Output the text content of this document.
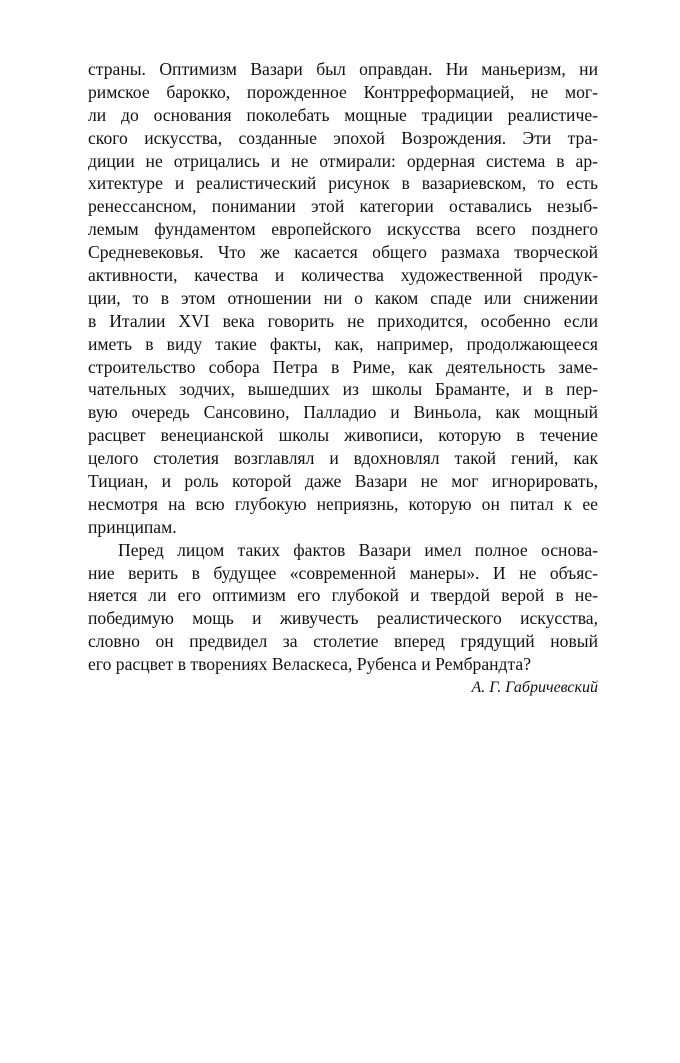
страны. Оптимизм Вазари был оправдан. Ни маньеризм, ни
римское барокко, порожденное Контрреформацией, не мог-
ли до основания поколебать мощные традиции реалистиче-
ского искусства, созданные эпохой Возрождения. Эти тра-
диции не отрицались и не отмирали: ордерная система в ар-
хитектуре и реалистический рисунок в вазариевском, то есть
ренессансном, понимании этой категории оставались незыб-
лемым фундаментом европейского искусства всего позднего
Средневековья. Что же касается общего размаха творческой
активности, качества и количества художественной продук-
ции, то в этом отношении ни о каком спаде или снижении
в Италии XVI века говорить не приходится, особенно если
иметь в виду такие факты, как, например, продолжающееся
строительство собора Петра в Риме, как деятельность заме-
чательных зодчих, вышедших из школы Браманте, и в пер-
вую очередь Сансовино, Палладио и Виньола, как мощный
расцвет венецианской школы живописи, которую в течение
целого столетия возглавлял и вдохновлял такой гений, как
Тициан, и роль которой даже Вазари не мог игнорировать,
несмотря на всю глубокую неприязнь, которую он питал к ее
принципам.
Перед лицом таких фактов Вазари имел полное основа-
ние верить в будущее «современной манеры». И не объяс-
няется ли его оптимизм его глубокой и твердой верой в не-
победимую мощь и живучесть реалистического искусства,
словно он предвидел за столетие вперед грядущий новый
его расцвет в творениях Веласкеса, Рубенса и Рембрандта?
А. Г. Габричевский
